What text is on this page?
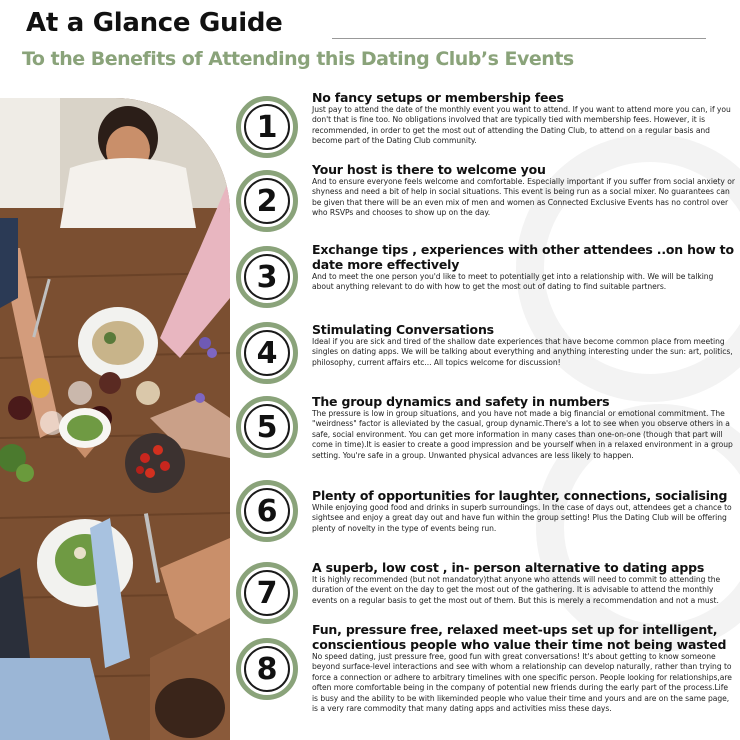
At a Glance Guide
To the Benefits of Attending this Dating Club’s Events
1
No fancy setups or membership fees
Just pay to attend the date of the monthly event you want to attend. If you want to attend more you can, if you don't that is fine too. No obligations involved that are typically tied with membership fees. However, it is recommended, in order to get the most out of attending the Dating Club, to attend on a regular basis and become part of the Dating Club community.
2
Your host is there to welcome you
And to ensure everyone feels welcome and comfortable. Especially important if you suffer from social anxiety or shyness and need a bit of help in social situations. This event is being run as a social mixer. No guarantees can be given that there will be an even mix of men and women as Connected Exclusive Events has no control over who RSVPs and chooses to show up on the day.
3
Exchange tips , experiences with other attendees ..on how to date more effectively
And to meet the one person you'd like to meet to potentially get into a relationship with. We will be talking about anything relevant to do with how to get the most out of dating to find suitable partners.
4
Stimulating Conversations
Ideal if you are sick and tired of the shallow date experiences that have become common place from meeting singles on dating apps. We will be talking about everything and anything interesting under the sun: art, politics, philosophy, current affairs etc... All topics welcome for discussion!
5
The group dynamics and safety in numbers
The pressure is low in group situations, and you have not made a big financial or emotional commitment. The "weirdness" factor is alleviated by the casual, group dynamic.There's a lot to see when you observe others in a safe, social environment. You can get more information in many cases than one-on-one (though that part will come in time).It is easier to create a good impression and be yourself when in a relaxed environment in a group setting. You're safe in a group. Unwanted physical advances are less likely to happen.
6	Plenty of opportunities for laughter, connections, socialising
While enjoying good food and drinks in superb surroundings. In the case of days out, attendees get a chance to sightsee and enjoy a great day out and have fun within the group setting! Plus the Dating Club will be offering plenty of novelty in the type of events being run.
7
A superb, low cost , in- person alternative to dating apps
It is highly recommended (but not mandatory)that anyone who attends will need to commit to attending the duration of the event on the day to get the most out of the gathering. It is advisable to attend the monthly events on a regular basis to get the most out of them. But this is merely a recommendation and not a must.
8
Fun, pressure free, relaxed meet-ups set up for intelligent, conscientious people who value their time not being wasted
No speed dating, just pressure free, good fun with great conversations! It's about getting to know someone beyond surface-level interactions and see with whom a relationship can develop naturally, rather than trying to force a connection or adhere to arbitrary timelines with one specific person. People looking for relationships,are often more comfortable being in the company of potential new friends during the early part of the process.Life is busy and the ability to be with likeminded people who value their time and yours and are on the same page, is a very rare commodity that many dating apps and activities miss these days.
